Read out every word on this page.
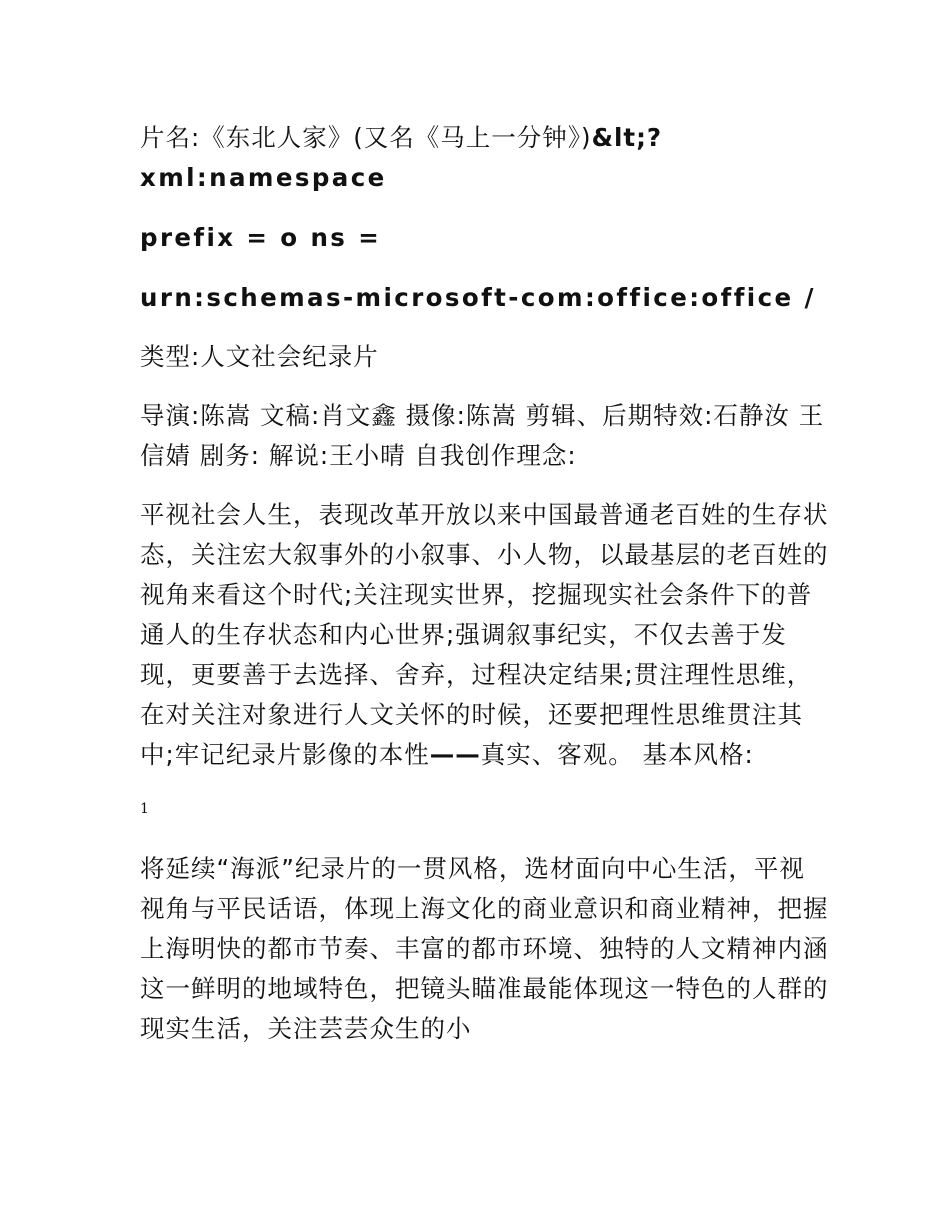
片名:《东北人家》(又名《马上一分钟》)&lt;?

xml:namespace

prefix = o ns =

urn:schemas-microsoft-com:office:office /

类型:人文社会纪录片

导演:陈嵩 文稿:肖文鑫 摄像:陈嵩 剪辑、后期特效:石静汝 王信婧 剧务: 解说:王小晴 自我创作理念:

平视社会人生，表现改革开放以来中国最普通老百姓的生存状态，关注宏大叙事外的小叙事、小人物，以最基层的老百姓的视角来看这个时代;关注现实世界，挖掘现实社会条件下的普通人的生存状态和内心世界;强调叙事纪实，不仅去善于发现，更要善于去选择、舍弃，过程决定结果;贯注理性思维，在对关注对象进行人文关怀的时候，还要把理性思维贯注其中;牢记纪录片影像的本性——真实、客观。 基本风格:

1

将延续“海派”纪录片的一贯风格，选材面向中心生活，平视视角与平民话语，体现上海文化的商业意识和商业精神，把握上海明快的都市节奏、丰富的都市环境、独特的人文精神内涵这一鲜明的地域特色，把镜头瞄准最能体现这一特色的人群的现实生活，关注芸芸众生的小
